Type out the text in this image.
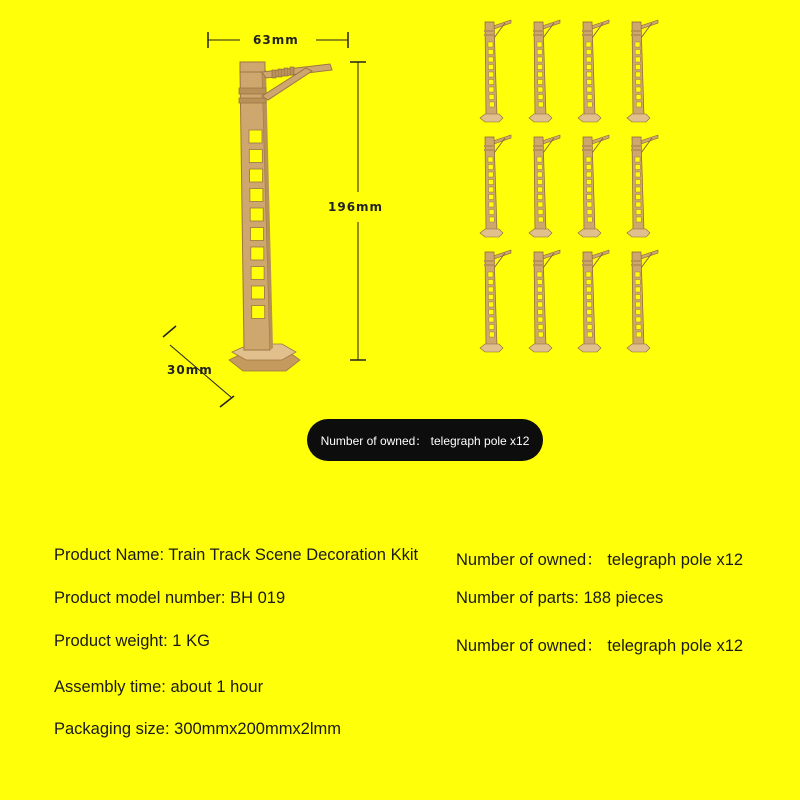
63mm
196mm
30mm
Number of owned： telegraph pole x12
Product Name: Train Track Scene Decoration Kkit
Product model number: BH 019
Product weight: 1 KG
Assembly time: about 1 hour
Packaging size: 300mmx200mmx2lmm
Number of owned： telegraph pole x12
Number of parts: 188 pieces
Number of owned： telegraph pole x12
